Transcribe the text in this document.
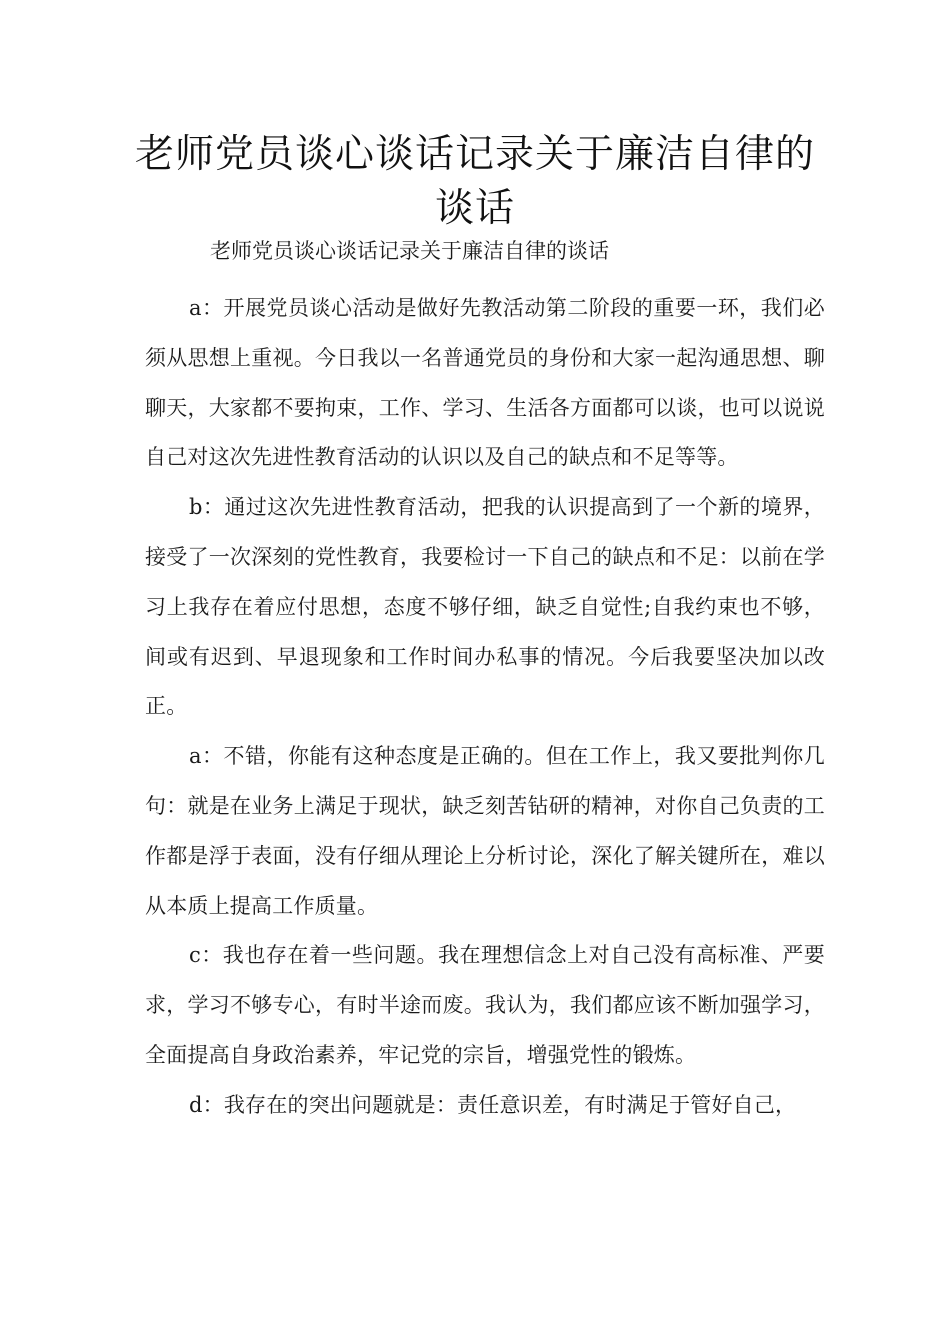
老师党员谈心谈话记录关于廉洁自律的谈话

老师党员谈心谈话记录关于廉洁自律的谈话

a：开展党员谈心活动是做好先教活动第二阶段的重要一环，我们必须从思想上重视。今日我以一名普通党员的身份和大家一起沟通思想、聊聊天，大家都不要拘束，工作、学习、生活各方面都可以谈，也可以说说自己对这次先进性教育活动的认识以及自己的缺点和不足等等。

b：通过这次先进性教育活动，把我的认识提高到了一个新的境界，接受了一次深刻的党性教育，我要检讨一下自己的缺点和不足：以前在学习上我存在着应付思想，态度不够仔细，缺乏自觉性;自我约束也不够，间或有迟到、早退现象和工作时间办私事的情况。今后我要坚决加以改正。

a：不错，你能有这种态度是正确的。但在工作上，我又要批判你几句：就是在业务上满足于现状，缺乏刻苦钻研的精神，对你自己负责的工作都是浮于表面，没有仔细从理论上分析讨论，深化了解关键所在，难以从本质上提高工作质量。

c：我也存在着一些问题。我在理想信念上对自己没有高标准、严要求，学习不够专心，有时半途而废。我认为，我们都应该不断加强学习，全面提高自身政治素养，牢记党的宗旨，增强党性的锻炼。

d：我存在的突出问题就是：责任意识差，有时满足于管好自己，
